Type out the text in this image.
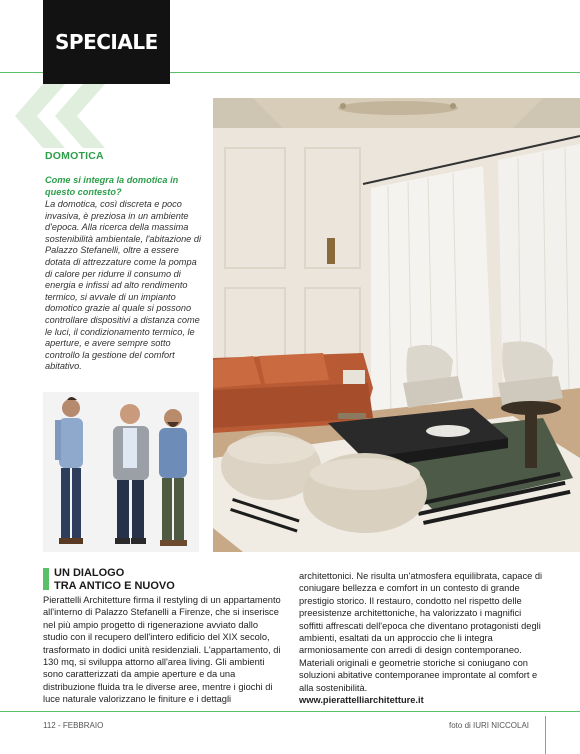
SPECIALE
DOMOTICA
Come si integra la domotica in questo contesto?
La domotica, così discreta e poco invasiva, è preziosa in un ambiente d'epoca. Alla ricerca della massima sostenibilità ambientale, l'abitazione di Palazzo Stefanelli, oltre a essere dotata di attrezzature come la pompa di calore per ridurre il consumo di energia e infissi ad alto rendimento termico, si avvale di un impianto domotico grazie al quale si possono controllare dispositivi a distanza come le luci, il condizionamento termico, le aperture, e avere sempre sotto controllo la gestione del comfort abitativo.
UN DIALOGO
TRA ANTICO E NUOVO
Pierattelli Architetture firma il restyling di un appartamento all'interno di Palazzo Stefanelli a Firenze, che si inserisce nel più ampio progetto di rigenerazione avviato dallo studio con il recupero dell'intero edificio del XIX secolo, trasformato in dodici unità residenziali. L'appartamento, di 130 mq, si sviluppa attorno all'area living. Gli ambienti sono caratterizzati da ampie aperture e da una distribuzione fluida tra le diverse aree, mentre i giochi di luce naturale valorizzano le finiture e i dettagli
architettonici. Ne risulta un'atmosfera equilibrata, capace di coniugare bellezza e comfort in un contesto di grande prestigio storico. Il restauro, condotto nel rispetto delle preesistenze architettoniche, ha valorizzato i magnifici soffitti affrescati dell'epoca che diventano protagonisti degli ambienti, esaltati da un approccio che li integra armoniosamente con arredi di design contemporaneo. Materiali originali e geometrie storiche si coniugano con soluzioni abitative contemporanee improntate al comfort e alla sostenibilità.
www.pierattelliarchitetture.it
112 - FEBBRAIO	foto di IURI NICCOLAI
